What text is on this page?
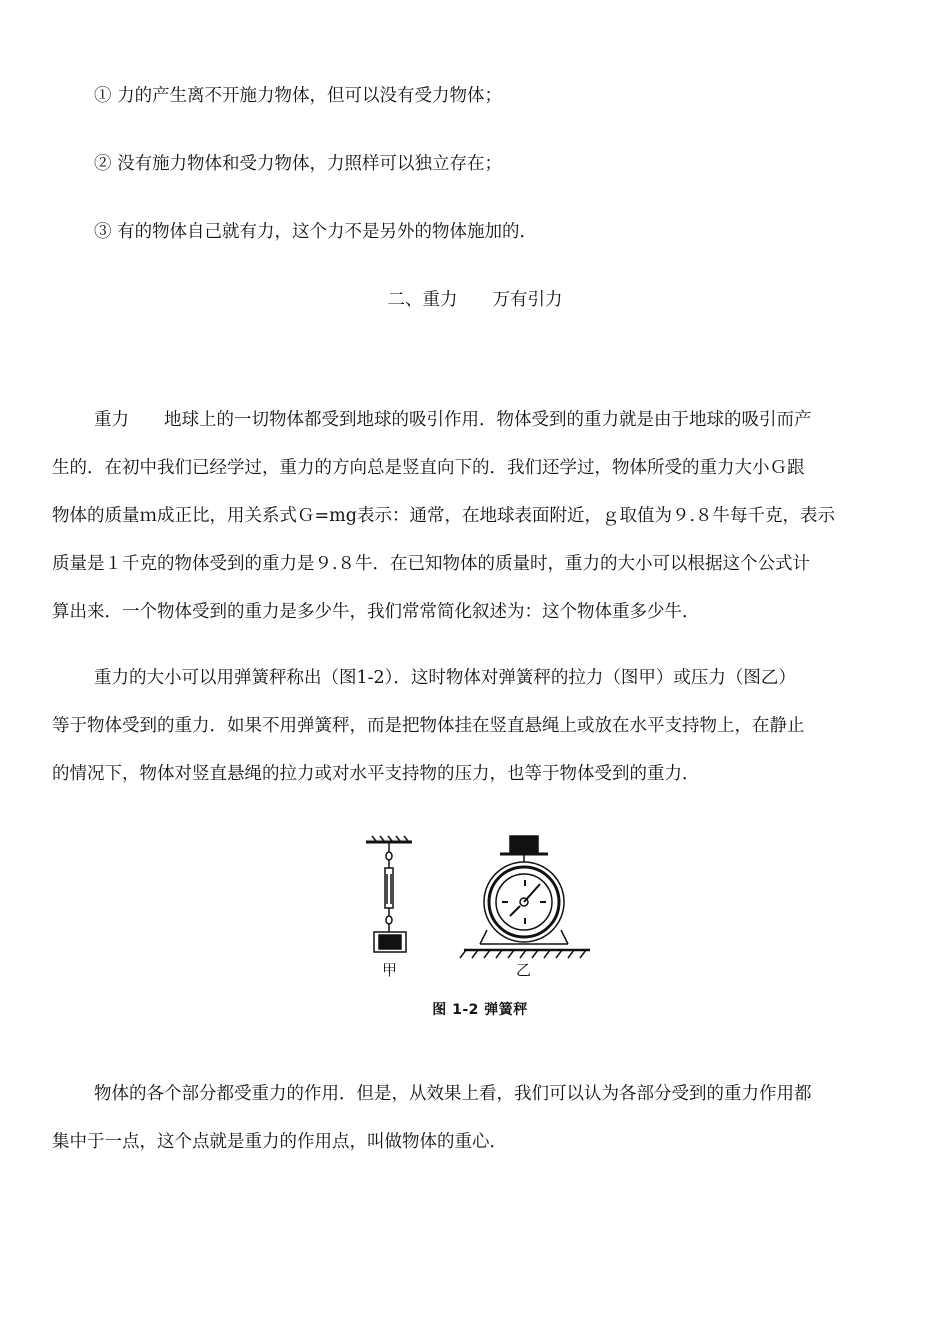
① 力的产生离不开施力物体，但可以没有受力物体；

② 没有施力物体和受力物体，力照样可以独立存在；

③ 有的物体自己就有力，这个力不是另外的物体施加的．

二、重力　　万有引力

重力　　地球上的一切物体都受到地球的吸引作用．物体受到的重力就是由于地球的吸引而产

生的．在初中我们已经学过，重力的方向总是竖直向下的．我们还学过，物体所受的重力大小Ｇ跟

物体的质量ｍ成正比，用关系式Ｇ=mg表示：通常，在地球表面附近，ｇ取值为９.８牛每千克，表示

质量是１千克的物体受到的重力是９.８牛．在已知物体的质量时，重力的大小可以根据这个公式计

算出来．一个物体受到的重力是多少牛，我们常常简化叙述为：这个物体重多少牛．

重力的大小可以用弹簧秤称出（图1-2）．这时物体对弹簧秤的拉力（图甲）或压力（图乙）

等于物体受到的重力．如果不用弹簧秤，而是把物体挂在竖直悬绳上或放在水平支持物上，在静止

的情况下，物体对竖直悬绳的拉力或对水平支持物的压力，也等于物体受到的重力．

甲	乙
图 1-2 弹簧秤

物体的各个部分都受重力的作用．但是，从效果上看，我们可以认为各部分受到的重力作用都

集中于一点，这个点就是重力的作用点，叫做物体的重心．
